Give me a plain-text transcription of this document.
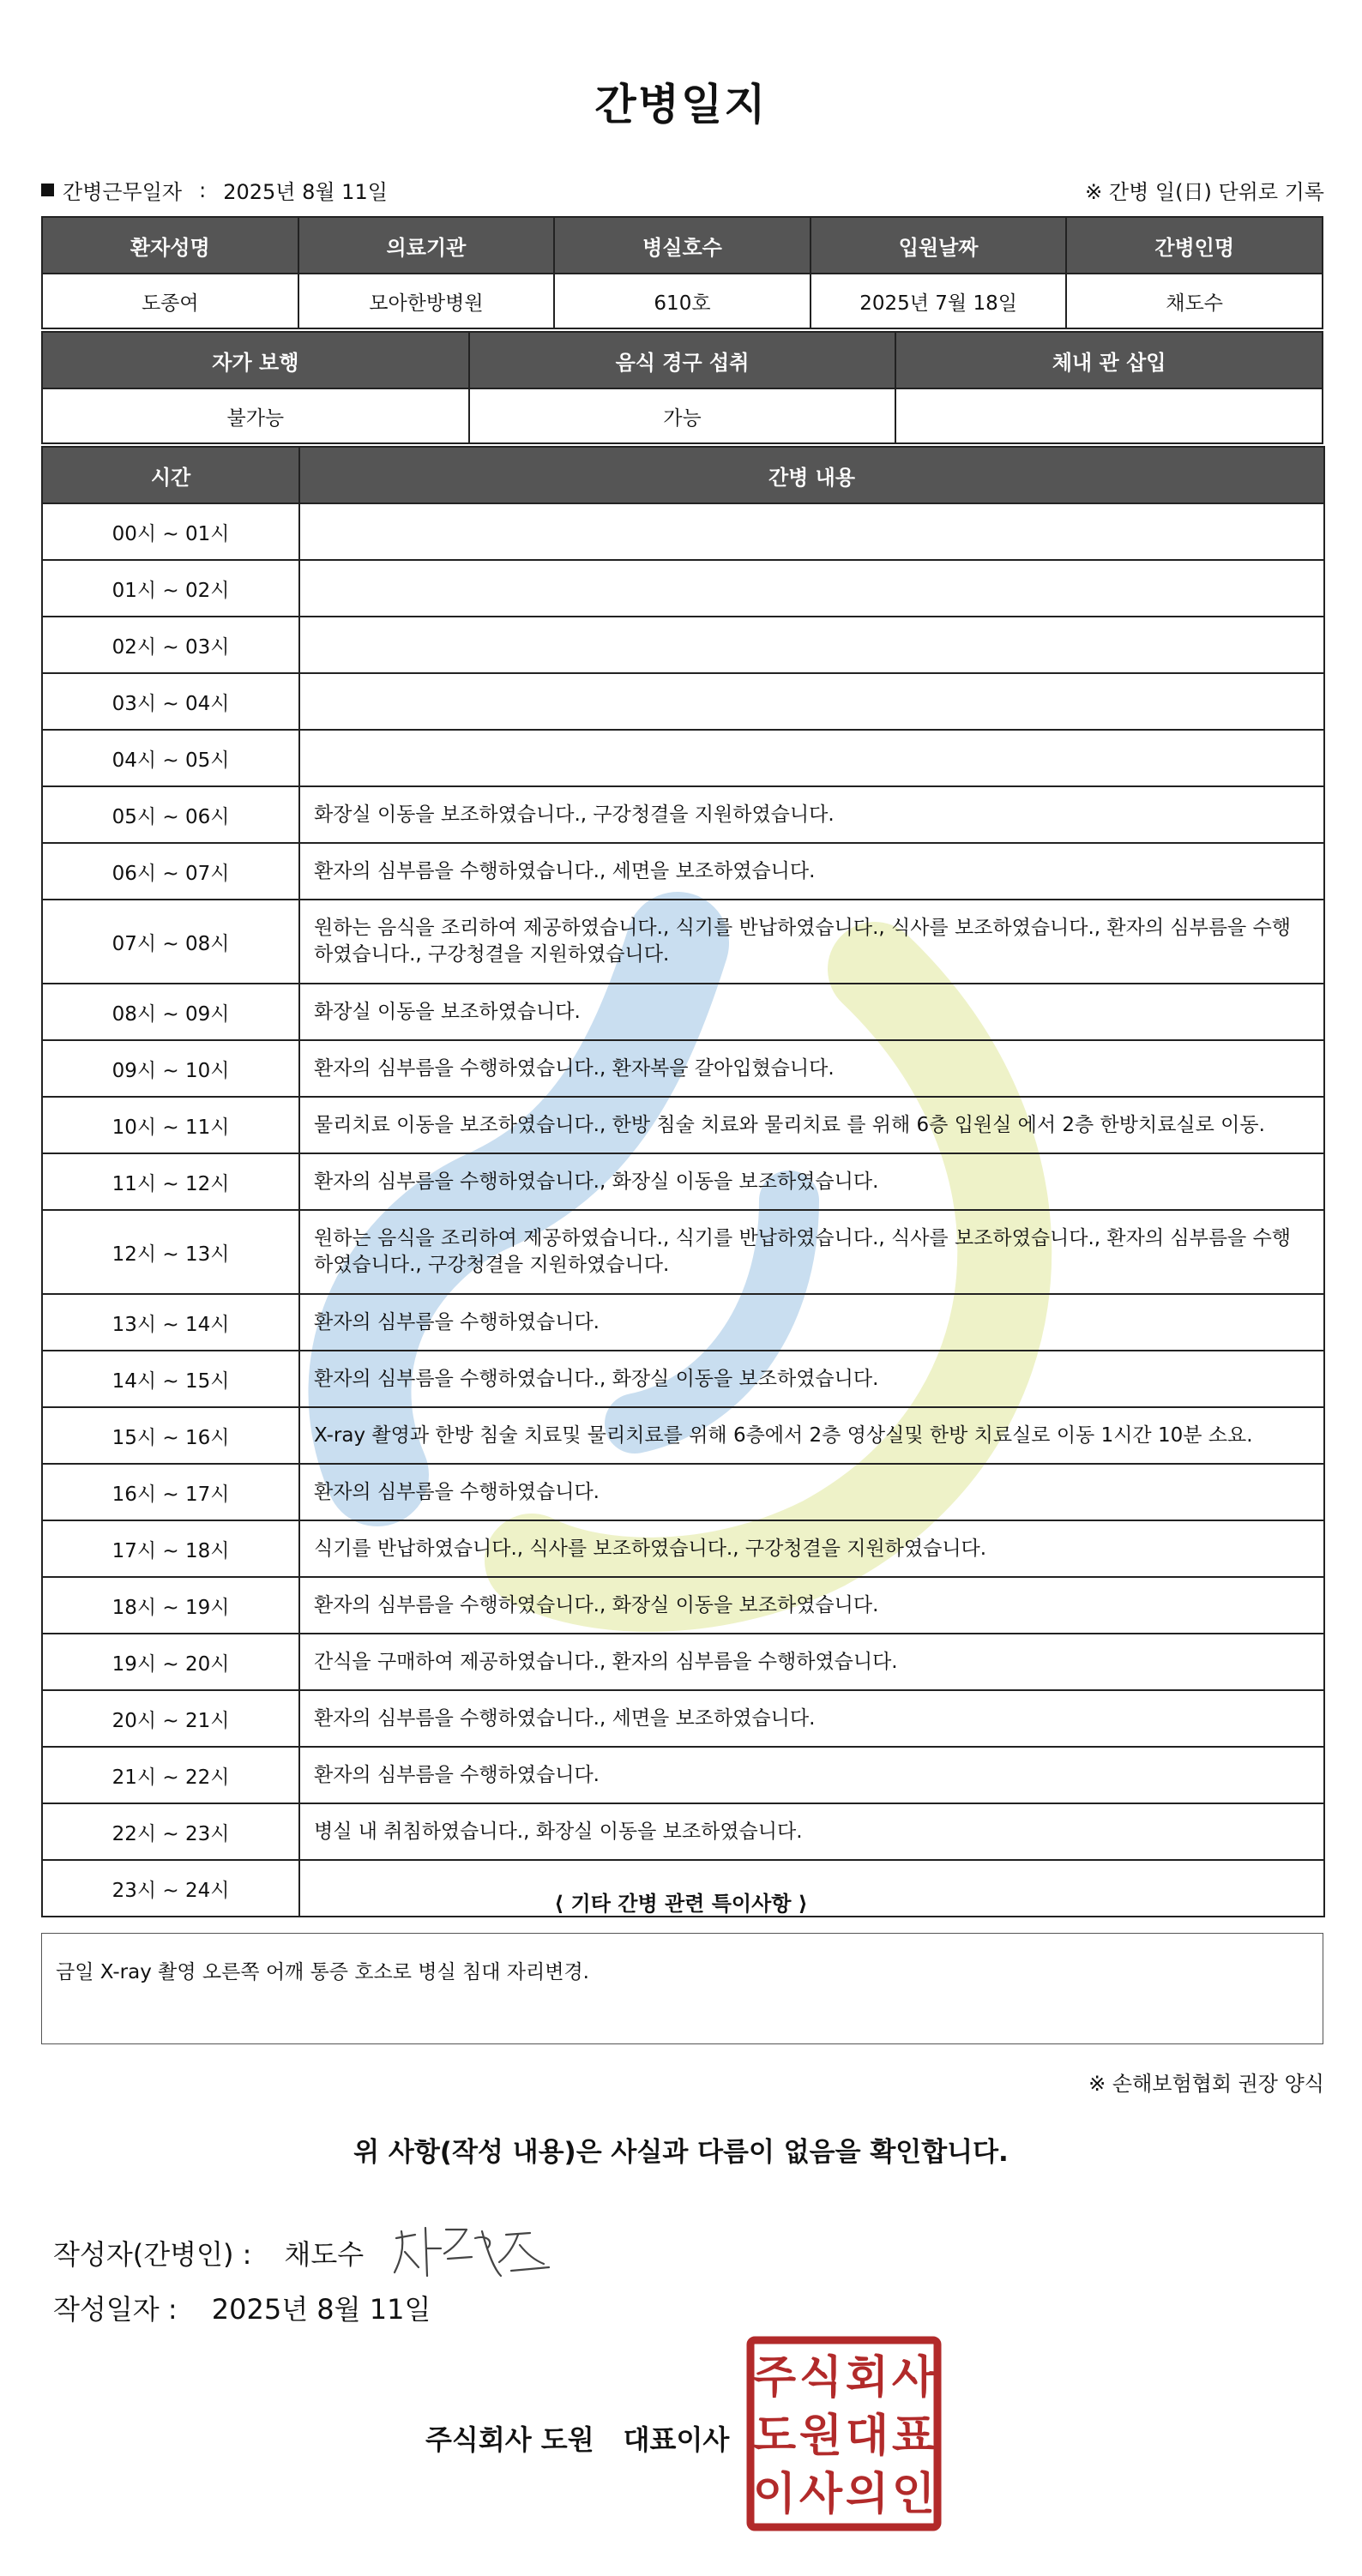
간병일지
간병근무일자 : 2025년 8월 11일	※ 간병 일(日) 단위로 기록
환자성명	의료기관	병실호수	입원날짜	간병인명
도종여	모아한방병원	610호	2025년 7월 18일	채도수
자가 보행	음식 경구 섭취	체내 관 삽입
불가능	가능	
시간	간병 내용
00시 ~ 01시	
01시 ~ 02시	
02시 ~ 03시	
03시 ~ 04시	
04시 ~ 05시	
05시 ~ 06시	화장실 이동을 보조하였습니다., 구강청결을 지원하였습니다.
06시 ~ 07시	환자의 심부름을 수행하였습니다., 세면을 보조하였습니다.
07시 ~ 08시	원하는 음식을 조리하여 제공하였습니다., 식기를 반납하였습니다., 식사를 보조하였습니다., 환자의 심부름을 수행하였습니다., 구강청결을 지원하였습니다.
08시 ~ 09시	화장실 이동을 보조하였습니다.
09시 ~ 10시	환자의 심부름을 수행하였습니다., 환자복을 갈아입혔습니다.
10시 ~ 11시	물리치료 이동을 보조하였습니다., 한방 침술 치료와 물리치료 를 위해 6층 입원실 에서 2층 한방치료실로 이동.
11시 ~ 12시	환자의 심부름을 수행하였습니다., 화장실 이동을 보조하였습니다.
12시 ~ 13시	원하는 음식을 조리하여 제공하였습니다., 식기를 반납하였습니다., 식사를 보조하였습니다., 환자의 심부름을 수행하였습니다., 구강청결을 지원하였습니다.
13시 ~ 14시	환자의 심부름을 수행하였습니다.
14시 ~ 15시	환자의 심부름을 수행하였습니다., 화장실 이동을 보조하였습니다.
15시 ~ 16시	X-ray 촬영과 한방 침술 치료및 물리치료를 위해 6층에서 2층 영상실및 한방 치료실로 이동 1시간 10분 소요.
16시 ~ 17시	환자의 심부름을 수행하였습니다.
17시 ~ 18시	식기를 반납하였습니다., 식사를 보조하였습니다., 구강청결을 지원하였습니다.
18시 ~ 19시	환자의 심부름을 수행하였습니다., 화장실 이동을 보조하였습니다.
19시 ~ 20시	간식을 구매하여 제공하였습니다., 환자의 심부름을 수행하였습니다.
20시 ~ 21시	환자의 심부름을 수행하였습니다., 세면을 보조하였습니다.
21시 ~ 22시	환자의 심부름을 수행하였습니다.
22시 ~ 23시	병실 내 취침하였습니다., 화장실 이동을 보조하였습니다.
23시 ~ 24시	
⟨ 기타 간병 관련 특이사항 ⟩
금일 X-ray 촬영 오른쪽 어깨 통증 호소로 병실 침대 자리변경.
※ 손해보험협회 권장 양식
위 사항(작성 내용)은 사실과 다름이 없음을 확인합니다.
작성자(간병인) : 채도수
작성일자 : 2025년 8월 11일
주식회사 도원 대표이사
주 식 회 사
도 원 대 표
이 사 의 인
